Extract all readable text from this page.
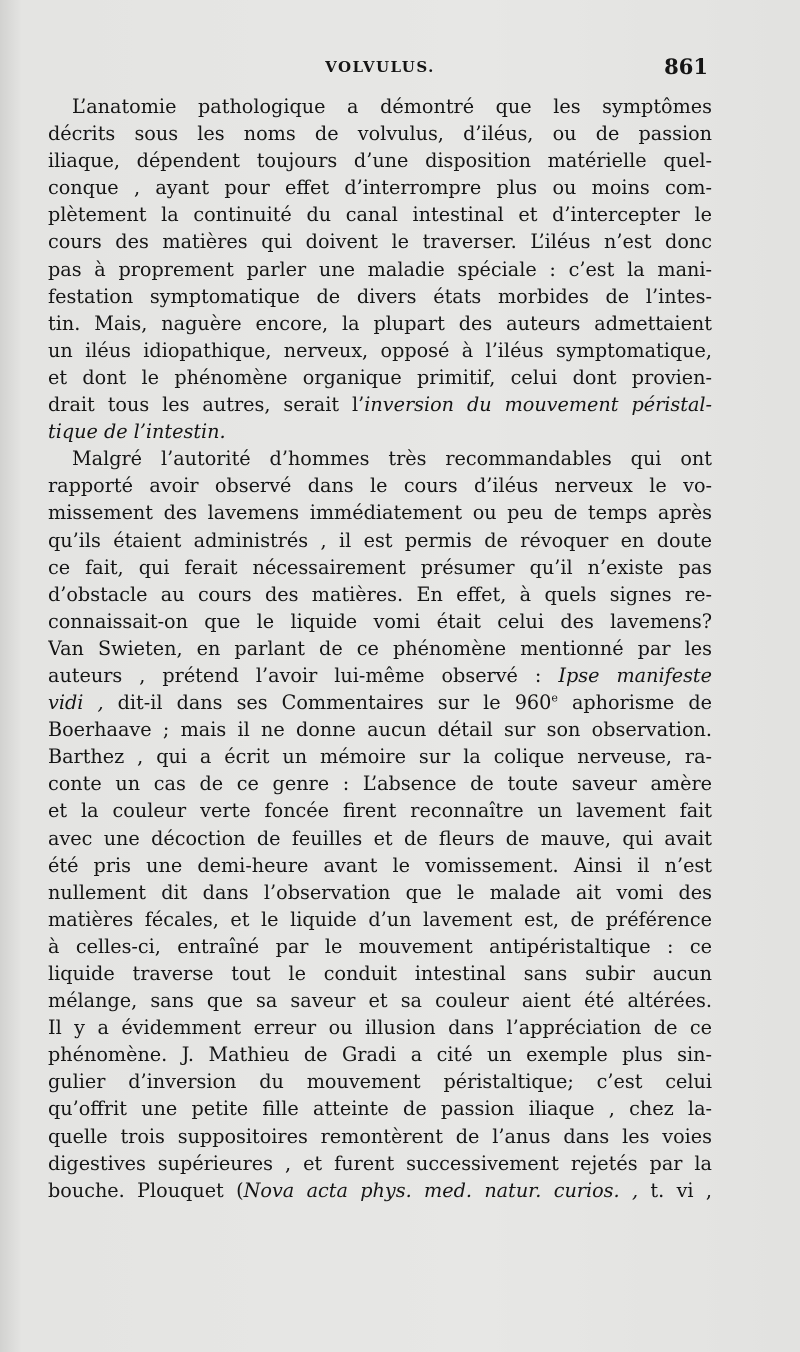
VOLVULUS.	861
L’anatomie pathologique a démontré que les symptômes
décrits sous les noms de volvulus, d’iléus, ou de passion
iliaque, dépendent toujours d’une disposition matérielle quel-
conque , ayant pour effet d’interrompre plus ou moins com-
plètement la continuité du canal intestinal et d’intercepter le
cours des matières qui doivent le traverser. L’iléus n’est donc
pas à proprement parler une maladie spéciale : c’est la mani-
festation symptomatique de divers états morbides de l’intes-
tin. Mais, naguère encore, la plupart des auteurs admettaient
un iléus idiopathique, nerveux, opposé à l’iléus symptomatique,
et dont le phénomène organique primitif, celui dont provien-
drait tous les autres, serait l’inversion du mouvement péristal-
tique de l’intestin.
Malgré l’autorité d’hommes très recommandables qui ont
rapporté avoir observé dans le cours d’iléus nerveux le vo-
missement des lavemens immédiatement ou peu de temps après
qu’ils étaient administrés , il est permis de révoquer en doute
ce fait, qui ferait nécessairement présumer qu’il n’existe pas
d’obstacle au cours des matières. En effet, à quels signes re-
connaissait-on que le liquide vomi était celui des lavemens?
Van Swieten, en parlant de ce phénomène mentionné par les
auteurs , prétend l’avoir lui-même observé : Ipse manifeste
vidi , dit-il dans ses Commentaires sur le 960e aphorisme de
Boerhaave ; mais il ne donne aucun détail sur son observation.
Barthez , qui a écrit un mémoire sur la colique nerveuse, ra-
conte un cas de ce genre : L’absence de toute saveur amère
et la couleur verte foncée firent reconnaître un lavement fait
avec une décoction de feuilles et de fleurs de mauve, qui avait
été pris une demi-heure avant le vomissement. Ainsi il n’est
nullement dit dans l’observation que le malade ait vomi des
matières fécales, et le liquide d’un lavement est, de préférence
à celles-ci, entraîné par le mouvement antipéristaltique : ce
liquide traverse tout le conduit intestinal sans subir aucun
mélange, sans que sa saveur et sa couleur aient été altérées.
Il y a évidemment erreur ou illusion dans l’appréciation de ce
phénomène. J. Mathieu de Gradi a cité un exemple plus sin-
gulier d’inversion du mouvement péristaltique; c’est celui
qu’offrit une petite fille atteinte de passion iliaque , chez la-
quelle trois suppositoires remontèrent de l’anus dans les voies
digestives supérieures , et furent successivement rejetés par la
bouche. Plouquet (Nova acta phys. med. natur. curios. , t. vi ,
